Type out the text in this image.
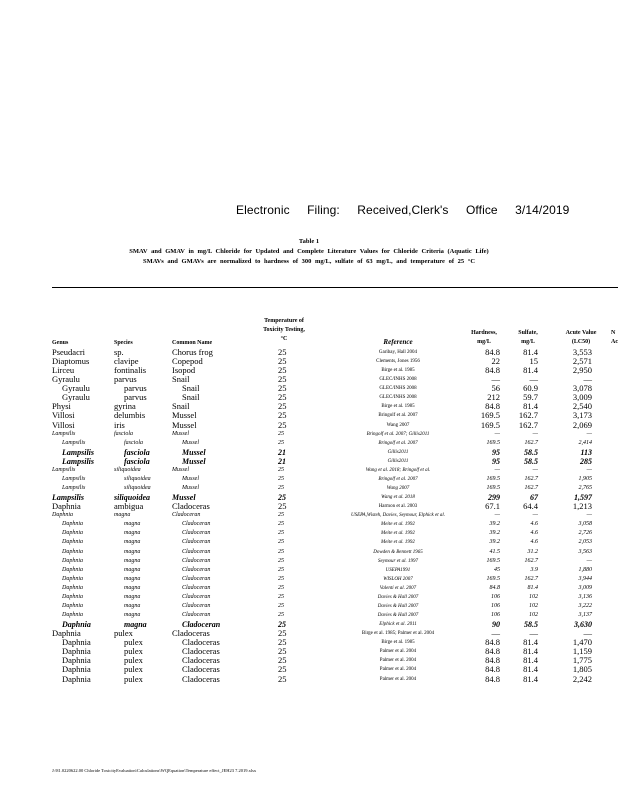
Electronic Filing: Received,Clerk's Office 3/14/2019
Table 1
SMAV and GMAV in mg/L Chloride for Updated and Complete Literature Values for Chloride Criteria (Aquatic Life)
SMAVs and GMAVs are normalized to hardness of 300 mg/L, sulfate of 63 mg/L, and temperature of 25 °C
Genus	Species	Common Name
Temperature of
Toxicity Testing,
°C	Reference
Hardness,
mg/L
Sulfate,
mg/L
Acute Value
(LC50)
N
Ac
Pseudacri	sp.	Chorus frog	25	Garibay, Hall 2004	84.8	81.4	3,553
Diaptomus	clavipe	Copepod	25	Clements, Jones 1956	22	15	2,571
Lirceu	fontinalis	Isopod	25	Birge et al. 1985	84.8	81.4	2,950
Gyraulu	parvus	Snail	25	GLEC/INHS 2008	—	—	—
Gyraulu	parvus	Snail	25	GLEC/INHS 2008	56	60.9	3,078
Gyraulu	parvus	Snail	25	GLEC/INHS 2008	212	59.7	3,009
Physi	gyrina	Snail	25	Birge et al. 1985	84.8	81.4	2,540
Villosi	delumbis	Mussel	25	Bringolf et al. 2007	169.5	162.7	3,173
Villosi	iris	Mussel	25	Wang 2007	169.5	162.7	2,069
Lampsilis	fasciola	Mussel	25	Bringolf et al. 2007; Gillis2011	—	—	—
Lampsilis	fasciola	Mussel	25	Bringolf et al. 2007	169.5	162.7	2,414
Lampsilis	fasciola	Mussel	21	Gillis2011	95	58.5	113
Lampsilis	fasciola	Mussel	21	Gillis2011	95	58.5	285
Lampsilis	siliquoidea	Mussel	25	Wang et al. 2018; Bringolf et al.	—	—	—
Lampsilis	siliquoidea	Mussel	25	Bringolf et al. 2007	169.5	162.7	1,905
Lampsilis	siliquoidea	Mussel	25	Wang 2007	169.5	162.7	2,765
Lampsilis	siliquoidea	Mussel	25	Wang et al. 2018	299	67	1,597
Daphnia	ambigua	Cladoceras	25	Harmon et al. 2003	67.1	64.4	1,213
Daphnia	magna	Cladoceran	25	USEPA,Wisteh, Davies, Seymour, Elphick et al.	—	—	—
Daphnia	magna	Cladoceran	25	Meite et al. 1992	39.2	4.6	3,058
Daphnia	magna	Cladoceran	25	Meite et al. 1992	39.2	4.6	2,726
Daphnia	magna	Cladoceran	25	Meite et al. 1992	39.2	4.6	2,053
Daphnia	magna	Cladoceran	25	Dowden & Bennett 1965	41.5	31.2	3,563
Daphnia	magna	Cladoceran	25	Seymour et al. 1997	169.5	162.7	—
Daphnia	magna	Cladoceran	25	USEPA1991	45	3.9	1,880
Daphnia	magna	Cladoceran	25	WISLOH 2007	169.5	162.7	3,944
Daphnia	magna	Cladoceran	25	Valenti et al. 2007	84.8	81.4	3,009
Daphnia	magna	Cladoceran	25	Davies & Hall 2007	106	102	3,136
Daphnia	magna	Cladoceran	25	Davies & Hall 2007	106	102	3,222
Daphnia	magna	Cladoceran	25	Davies & Hall 2007	106	102	3,137
Daphnia	magna	Cladoceran	25	Elphick et al. 2011	90	58.5	3,630
Daphnia	pulex	Cladoceras	25	Birge et al. 1985; Palmer et al. 2004	—	—	—
Daphnia	pulex	Cladoceras	25	Birge et al. 1985	84.8	81.4	1,470
Daphnia	pulex	Cladoceras	25	Palmer et al. 2004	84.8	81.4	1,159
Daphnia	pulex	Cladoceras	25	Palmer et al. 2004	84.8	81.4	1,775
Daphnia	pulex	Cladoceras	25	Palmer et al. 2004	84.8	81.4	1,805
Daphnia	pulex	Cladoceras	25	Palmer et al. 2004	84.8	81.4	2,242
J:\81.0220622.00 Chloride ToxicityEvaluation\Calculations\WQEquation\Temperature effect_JEH23 7.2019.xlsx
